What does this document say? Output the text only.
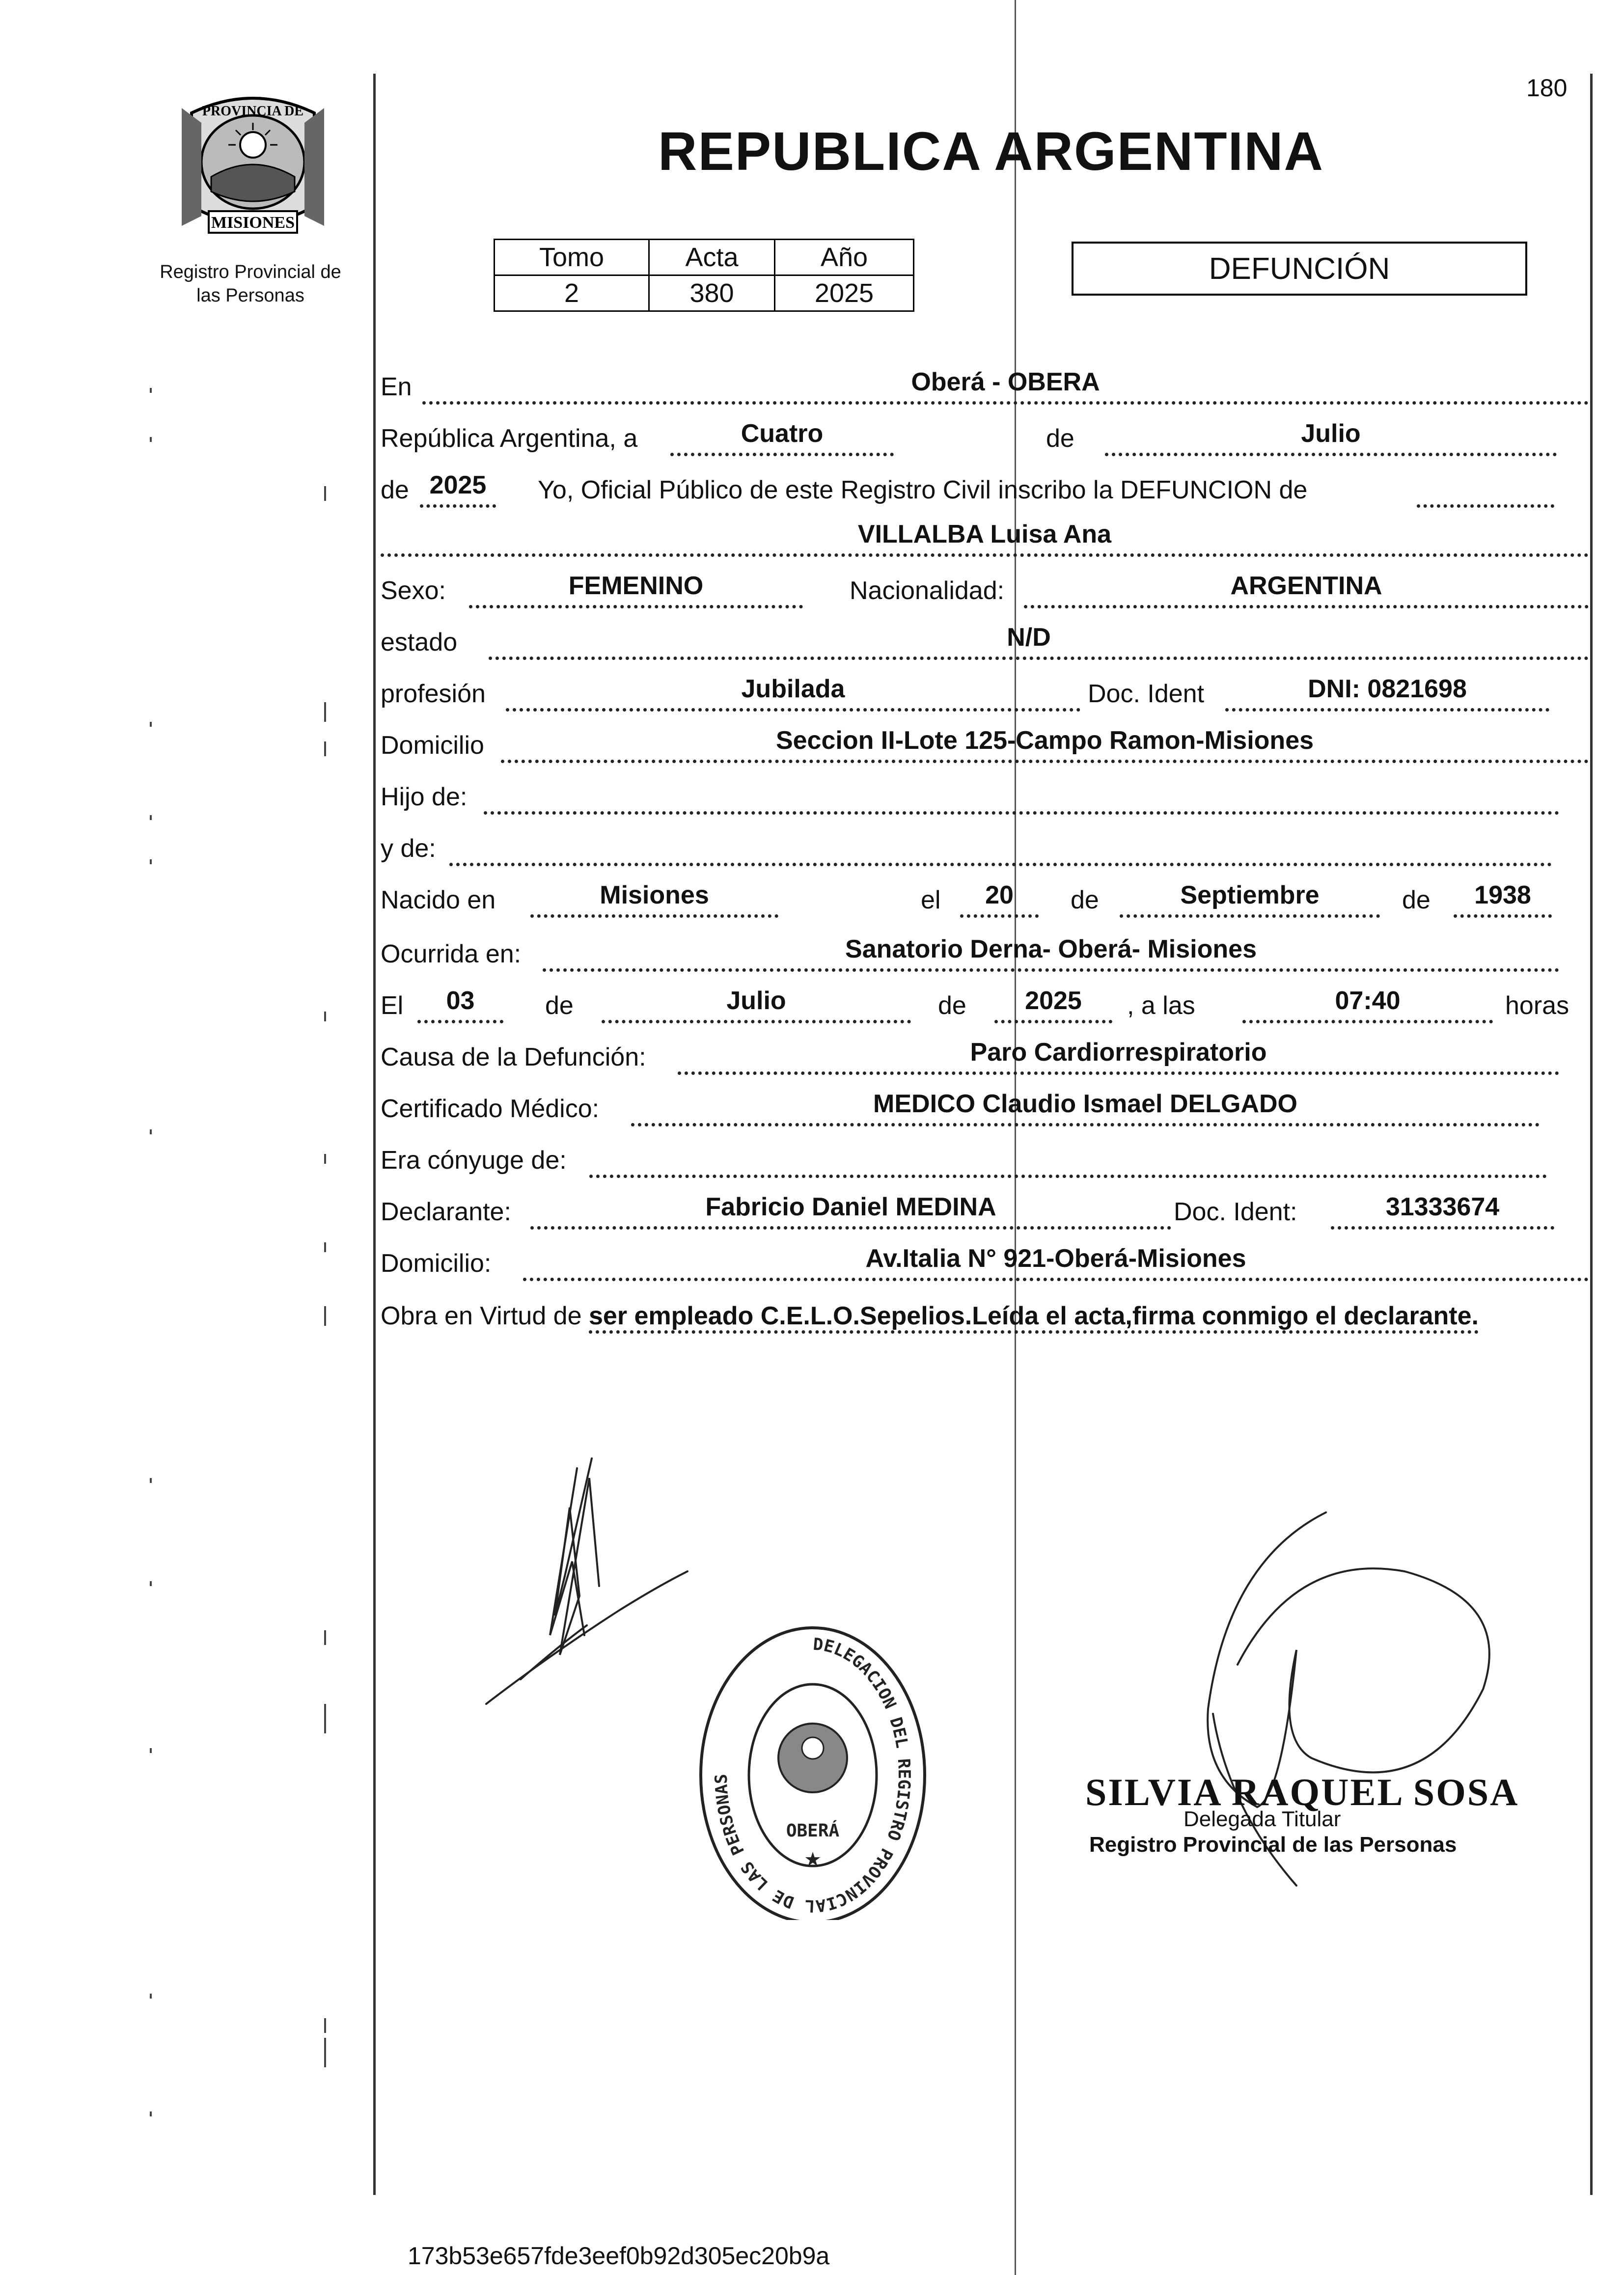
180
PROVINCIA DE
MISIONES
Registro Provincial de
las Personas
REPUBLICA ARGENTINA
Tomo	Acta	Año
2	380	2025
DEFUNCIÓN
En	Oberá - OBERA
República Argentina, a	Cuatro	de	Julio
de 2025	Yo, Oficial Público de este Registro Civil inscribo la DEFUNCION de
VILLALBA Luisa Ana
Sexo:	FEMENINO	Nacionalidad:	ARGENTINA
estado	N/D
profesión	Jubilada	Doc. Ident	DNI: 0821698
Domicilio	Seccion II-Lote 125-Campo Ramon-Misiones
Hijo de:
y de:
Nacido en	Misiones	el	20	de	Septiembre	de	1938
Ocurrida en:	Sanatorio Derna- Oberá- Misiones
El	03	de	Julio	de	2025	, a las	07:40	horas
Causa de la Defunción:	Paro Cardiorrespiratorio
Certificado Médico:	MEDICO Claudio Ismael DELGADO
Era cónyuge de:
Declarante:	Fabricio Daniel MEDINA	Doc. Ident:	31333674
Domicilio:	Av.Italia N° 921-Oberá-Misiones
Obra en Virtud de ser empleado C.E.L.O.Sepelios.Leída el acta,firma conmigo el declarante.
DELEGACION DEL REGISTRO PROVINCIAL DE LAS PERSONAS
OBERÁ
★
SILVIA RAQUEL SOSA
Delegada Titular
Registro Provincial de las Personas
173b53e657fde3eef0b92d305ec20b9a
